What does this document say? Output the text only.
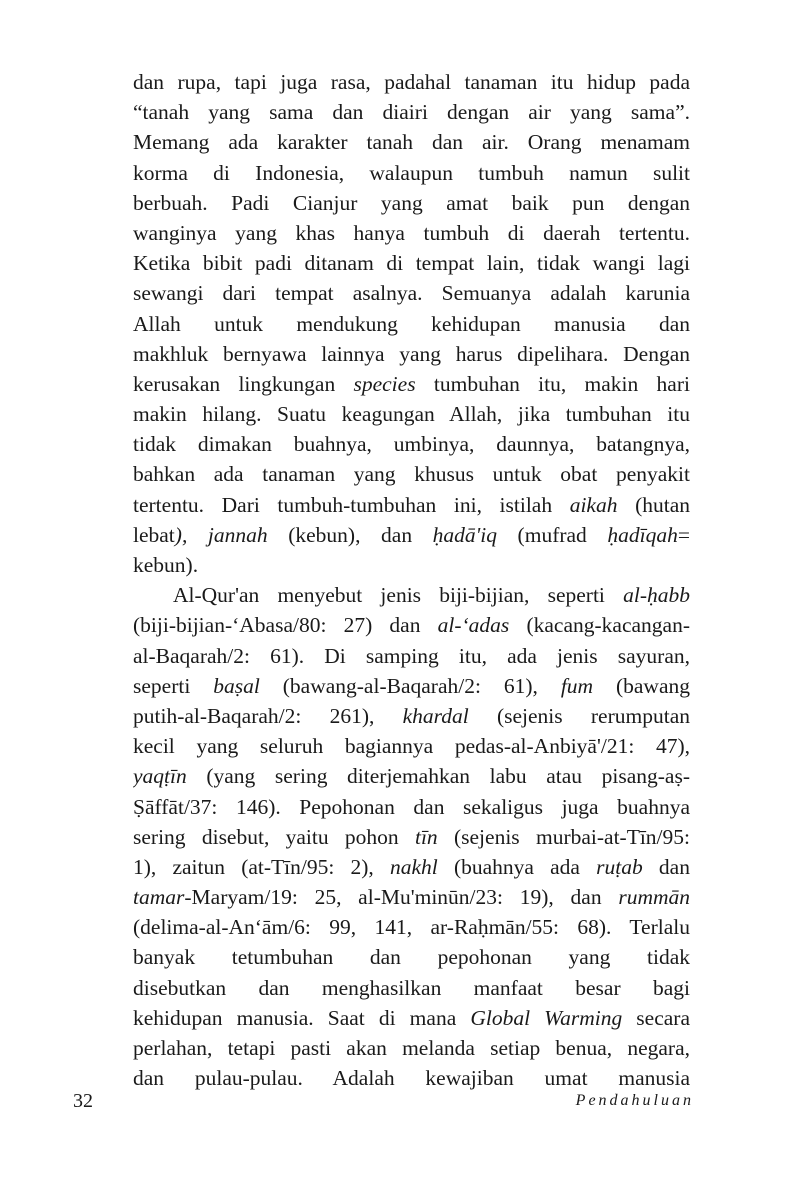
dan rupa, tapi juga rasa, padahal tanaman itu hidup pada
“tanah yang sama dan diairi dengan air yang sama”.
Memang ada karakter tanah dan air. Orang menamam
korma di Indonesia, walaupun tumbuh namun sulit
berbuah. Padi Cianjur yang amat baik pun dengan
wanginya yang khas hanya tumbuh di daerah tertentu.
Ketika bibit padi ditanam di tempat lain, tidak wangi lagi
sewangi dari tempat asalnya. Semuanya adalah karunia
Allah untuk mendukung kehidupan manusia dan
makhluk bernyawa lainnya yang harus dipelihara. Dengan
kerusakan lingkungan species tumbuhan itu, makin hari
makin hilang. Suatu keagungan Allah, jika tumbuhan itu
tidak dimakan buahnya, umbinya, daunnya, batangnya,
bahkan ada tanaman yang khusus untuk obat penyakit
tertentu. Dari tumbuh-tumbuhan ini, istilah aikah (hutan
lebat), jannah (kebun), dan ḥadā'iq (mufrad ḥadīqah=
kebun).
Al-Qur'an menyebut jenis biji-bijian, seperti al-ḥabb
(biji-bijian-‘Abasa/80: 27) dan al-‘adas (kacang-kacangan-
al-Baqarah/2: 61). Di samping itu, ada jenis sayuran,
seperti baṣal (bawang-al-Baqarah/2: 61), fum (bawang
putih-al-Baqarah/2: 261), khardal (sejenis rerumputan
kecil yang seluruh bagiannya pedas-al-Anbiyā'/21: 47),
yaqṭīn (yang sering diterjemahkan labu atau pisang-aṣ-
Ṣāffāt/37: 146). Pepohonan dan sekaligus juga buahnya
sering disebut, yaitu pohon tīn (sejenis murbai-at-Tīn/95:
1), zaitun (at-Tīn/95: 2), nakhl (buahnya ada ruṭab dan
tamar-Maryam/19: 25, al-Mu'minūn/23: 19), dan rummān
(delima-al-An‘ām/6: 99, 141, ar-Raḥmān/55: 68). Terlalu
banyak tetumbuhan dan pepohonan yang tidak
disebutkan dan menghasilkan manfaat besar bagi
kehidupan manusia. Saat di mana Global Warming secara
perlahan, tetapi pasti akan melanda setiap benua, negara,
dan pulau-pulau. Adalah kewajiban umat manusia
32	Pendahuluan
